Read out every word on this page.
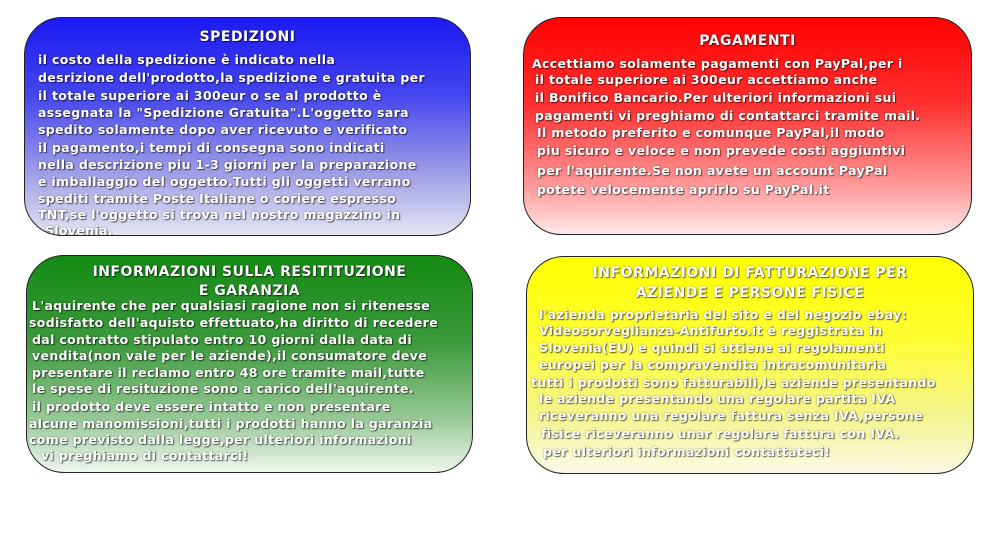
SPEDIZIONI
il costo della spedizione è indicato nella
desrizione dell'prodotto,la spedizione e gratuita per
il totale superiore ai 300eur o se al prodotto è
assegnata la "Spedizione Gratuita".L'oggetto sara
spedito solamente dopo aver ricevuto e verificato
il pagamento,i tempi di consegna sono indicati
nella descrizione piu 1-3 giorni per la preparazione
e imballaggio del oggetto.Tutti gli oggetti verrano
spediti tramite Poste Italiane o coriere espresso
TNT,se l'oggetto si trova nel nostro magazzino in
Slovenia.
PAGAMENTI
Accettiamo solamente pagamenti con PayPal,per i
il totale superiore ai 300eur accettiamo anche
il Bonifico Bancario.Per ulteriori informazioni sui
pagamenti vi preghiamo di contattarci tramite mail.
Il metodo preferito e comunque PayPal,il modo
piu sicuro e veloce e non prevede costi aggiuntivi
per l'aquirente.Se non avete un account PayPal
potete velocemente aprirlo su PayPal.it
INFORMAZIONI SULLA RESITITUZIONE
E GARANZIA
L'aquirente che per qualsiasi ragione non si ritenesse
sodisfatto dell'aquisto effettuato,ha diritto di recedere
dal contratto stipulato entro 10 giorni dalla data di
vendita(non vale per le aziende),il consumatore deve
presentare il reclamo entro 48 ore tramite mail,tutte
le spese di resituzione sono a carico dell'aquirente.
il prodotto deve essere intatto e non presentare
alcune manomissioni,tutti i prodotti hanno la garanzia
come previsto dalla legge,per ulteriori informazioni
vi preghiamo di contattarci!
INFORMAZIONI DI FATTURAZIONE PER
AZIENDE E PERSONE FISICE
l'azienda proprietaria del sito e del negozio ebay:
Videosorveglianza-Antifurto.it è reggistrata in
Slovenia(EU) e quindi si attiene ai regolamenti
europei per la compravendita intracomunitaria
tutti i prodotti sono fatturabili,le aziende presentando
le aziende presentando una regolare partita IVA
riceveranno una regolare fattura senza IVA,persone
fisice riceveranno unar regolare fattura con IVA.
per ulteriori informazioni contattateci!
